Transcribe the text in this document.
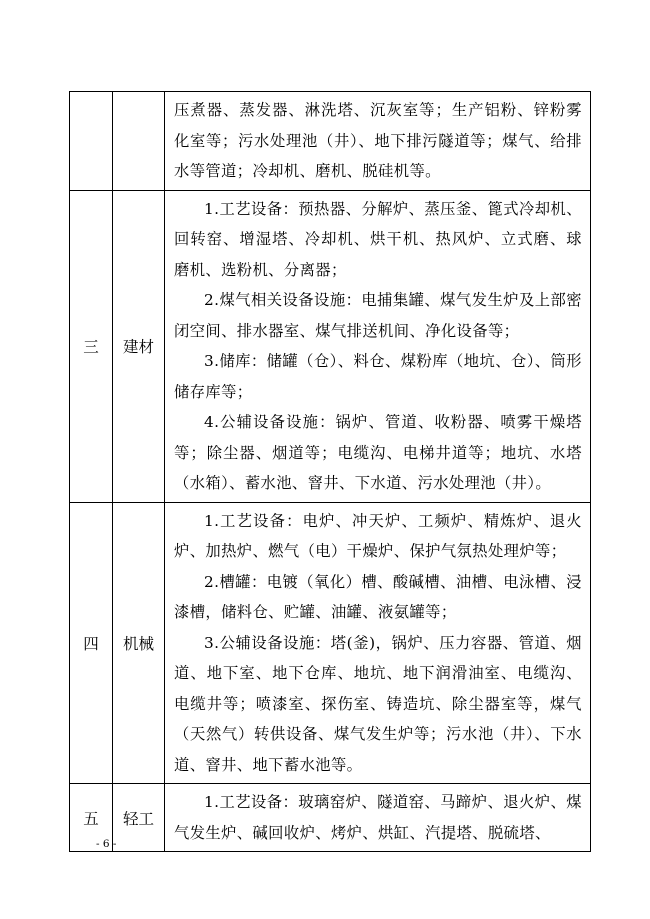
		压煮器、蒸发器、淋洗塔、沉灰室等；生产铝粉、锌粉雾化室等；污水处理池（井）、地下排污隧道等；煤气、给排水等管道；冷却机、磨机、脱硅机等。

三	建材	1.工艺设备：预热器、分解炉、蒸压釜、篦式冷却机、回转窑、增湿塔、冷却机、烘干机、热风炉、立式磨、球磨机、选粉机、分离器；

2.煤气相关设备设施：电捕集罐、煤气发生炉及上部密闭空间、排水器室、煤气排送机间、净化设备等；

3.储库：储罐（仓）、料仓、煤粉库（地坑、仓）、筒形储存库等；

4.公辅设备设施：锅炉、管道、收粉器、喷雾干燥塔等；除尘器、烟道等；电缆沟、电梯井道等；地坑、水塔（水箱）、蓄水池、窨井、下水道、污水处理池（井）。

四	机械	1.工艺设备：电炉、冲天炉、工频炉、精炼炉、退火炉、加热炉、燃气（电）干燥炉、保护气氛热处理炉等；

2.槽罐：电镀（氧化）槽、酸碱槽、油槽、电泳槽、浸漆槽，储料仓、贮罐、油罐、液氨罐等；

3.公辅设备设施：塔(釜)，锅炉、压力容器、管道、烟道、地下室、地下仓库、地坑、地下润滑油室、电缆沟、电缆井等；喷漆室、探伤室、铸造坑、除尘器室等，煤气（天然气）转供设备、煤气发生炉等；污水池（井）、下水道、窨井、地下蓄水池等。

五	轻工	1.工艺设备：玻璃窑炉、隧道窑、马蹄炉、退火炉、煤气发生炉、碱回收炉、烤炉、烘缸、汽提塔、脱硫塔、

- 6 -
